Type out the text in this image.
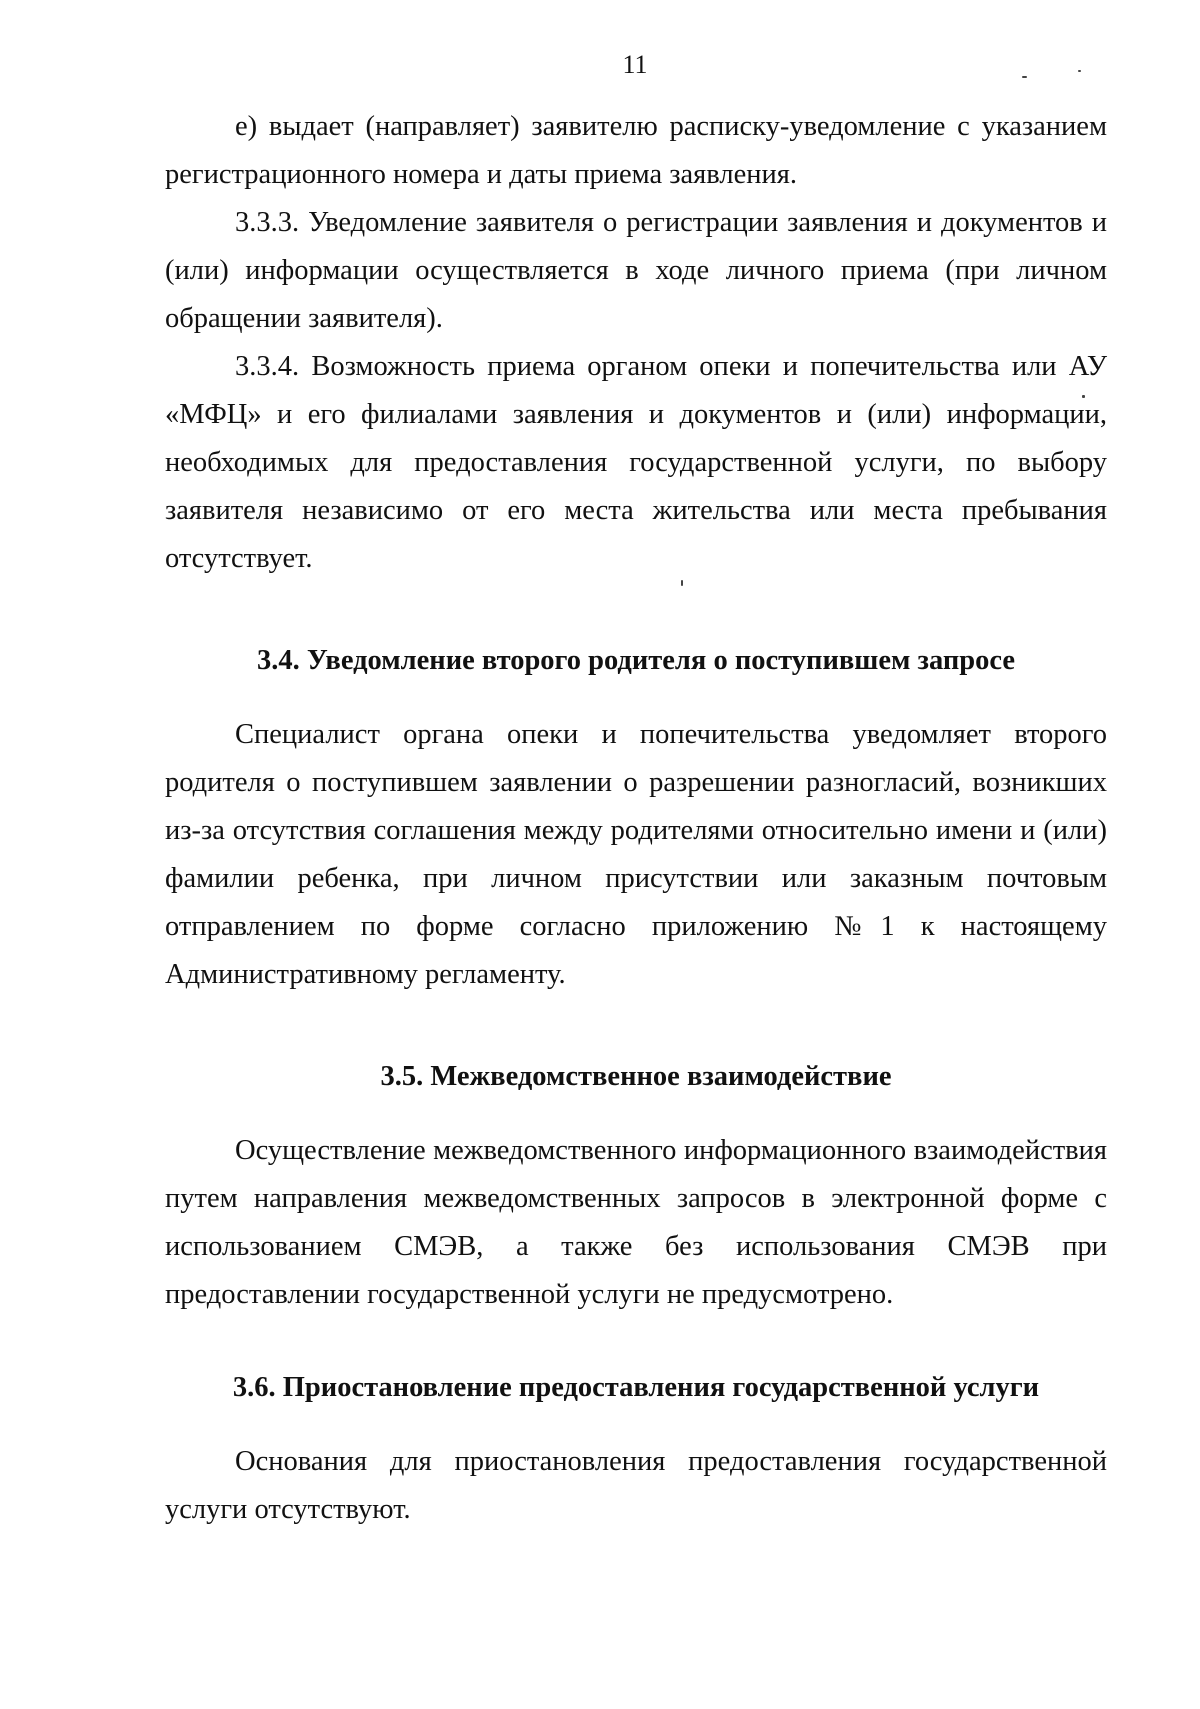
11
е) выдает (направляет) заявителю расписку-уведомление с указанием регистрационного номера и даты приема заявления.
3.3.3. Уведомление заявителя о регистрации заявления и документов и (или) информации осуществляется в ходе личного приема (при личном обращении заявителя).
3.3.4. Возможность приема органом опеки и попечительства или АУ «МФЦ» и его филиалами заявления и документов и (или) информации, необходимых для предоставления государственной услуги, по выбору заявителя независимо от его места жительства или места пребывания отсутствует.
3.4. Уведомление второго родителя о поступившем запросе
Специалист органа опеки и попечительства уведомляет второго родителя о поступившем заявлении о разрешении разногласий, возникших из-за отсутствия соглашения между родителями относительно имени и (или) фамилии ребенка, при личном присутствии или заказным почтовым отправлением по форме согласно приложению №1 к настоящему Административному регламенту.
3.5. Межведомственное взаимодействие
Осуществление межведомственного информационного взаимодействия путем направления межведомственных запросов в электронной форме с использованием СМЭВ, а также без использования СМЭВ при предоставлении государственной услуги не предусмотрено.
3.6. Приостановление предоставления государственной услуги
Основания для приостановления предоставления государственной услуги отсутствуют.
